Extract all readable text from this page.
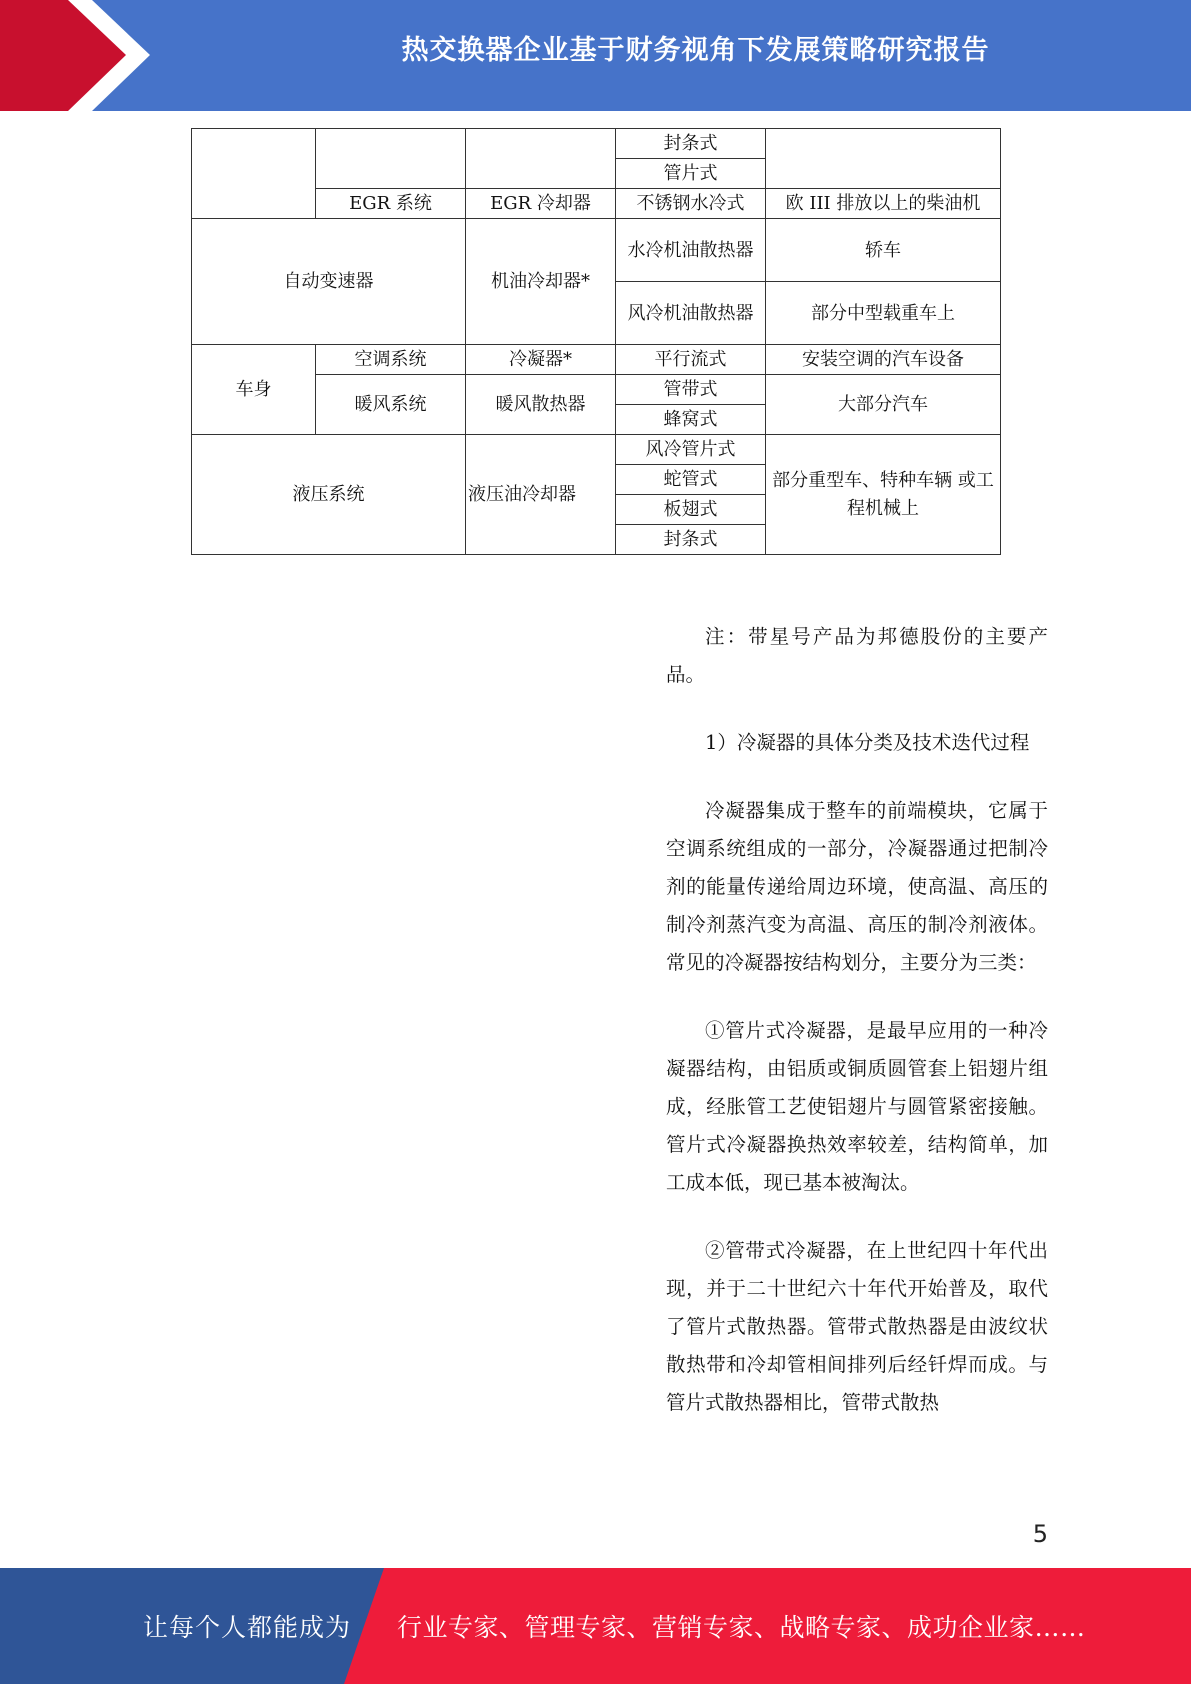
热交换器企业基于财务视角下发展策略研究报告
			封条式	
			管片式	
	EGR 系统	EGR 冷却器	不锈钢水冷式	欧 III 排放以上的柴油机
自动变速器		机油冷却器*	水冷机油散热器	轿车
			风冷机油散热器	部分中型载重车上
车身	空调系统	冷凝器*	平行流式	安装空调的汽车设备
	暖风系统	暖风散热器	管带式	大部分汽车
			蜂窝式	
液压系统		液压油冷却器	风冷管片式	部分重型车、特种车辆 或工程机械上
			蛇管式	
			板翅式	
			封条式	

注：带星号产品为邦德股份的主要产品。

1）冷凝器的具体分类及技术迭代过程

冷凝器集成于整车的前端模块，它属于空调系统组成的一部分，冷凝器通过把制冷剂的能量传递给周边环境，使高温、高压的制冷剂蒸汽变为高温、高压的制冷剂液体。常见的冷凝器按结构划分，主要分为三类：

①管片式冷凝器，是最早应用的一种冷凝器结构，由铝质或铜质圆管套上铝翅片组成，经胀管工艺使铝翅片与圆管紧密接触。管片式冷凝器换热效率较差，结构简单，加工成本低，现已基本被淘汰。

②管带式冷凝器，在上世纪四十年代出现，并于二十世纪六十年代开始普及，取代了管片式散热器。管带式散热器是由波纹状散热带和冷却管相间排列后经钎焊而成。与管片式散热器相比，管带式散热

5
让每个人都能成为 行业专家、管理专家、营销专家、战略专家、成功企业家……
